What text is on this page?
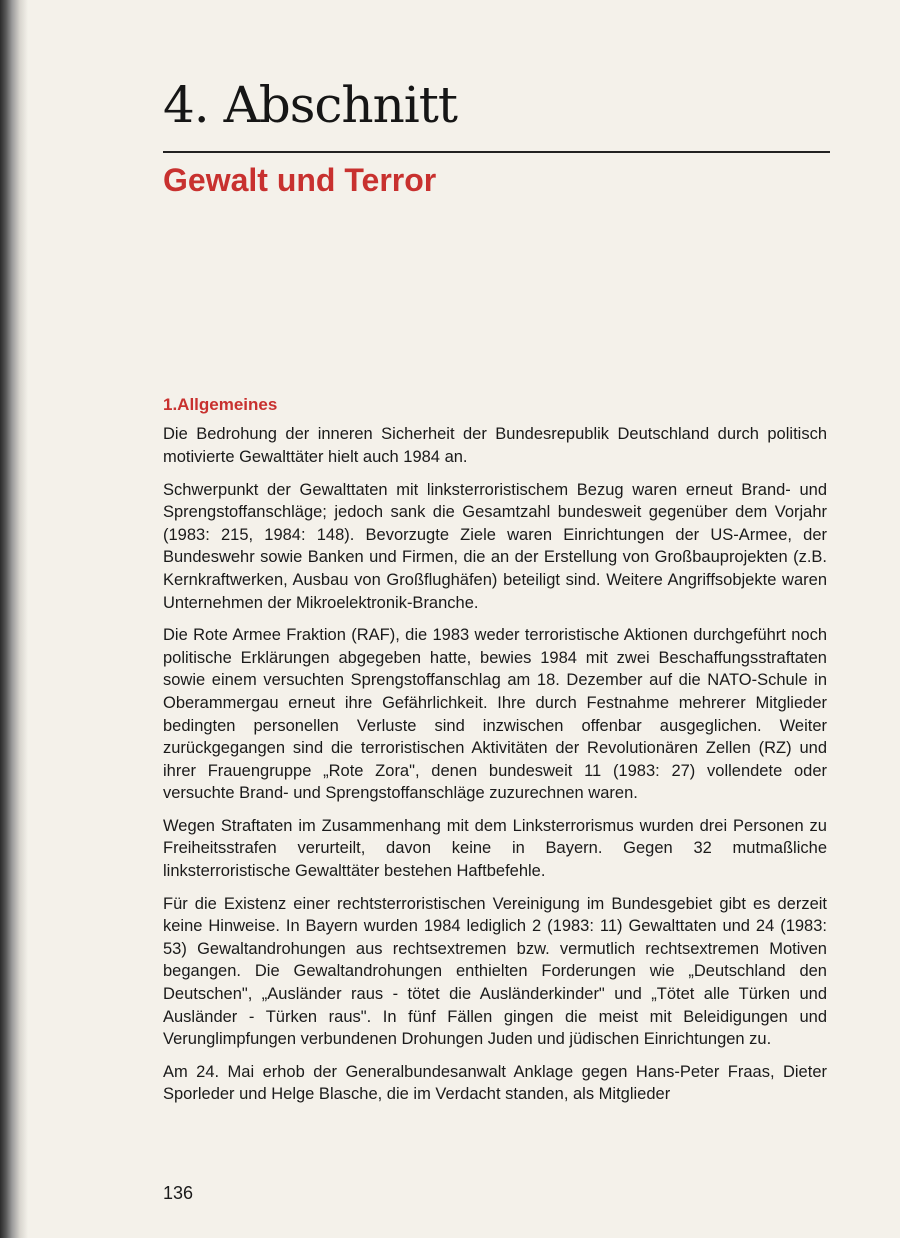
4. Abschnitt
Gewalt und Terror
1.Allgemeines

Die Bedrohung der inneren Sicherheit der Bundesrepublik Deutschland durch politisch motivierte Gewalttäter hielt auch 1984 an.

Schwerpunkt der Gewalttaten mit linksterroristischem Bezug waren erneut Brand- und Sprengstoffanschläge; jedoch sank die Gesamtzahl bundesweit gegenüber dem Vorjahr (1983: 215, 1984: 148). Bevorzugte Ziele waren Einrichtungen der US-Armee, der Bundeswehr sowie Banken und Firmen, die an der Erstellung von Großbauprojekten (z.B. Kernkraftwerken, Ausbau von Großflughäfen) beteiligt sind. Weitere Angriffsobjekte waren Unternehmen der Mikroelektronik-Branche.

Die Rote Armee Fraktion (RAF), die 1983 weder terroristische Aktionen durchgeführt noch politische Erklärungen abgegeben hatte, bewies 1984 mit zwei Beschaffungsstraftaten sowie einem versuchten Sprengstoffanschlag am 18. Dezember auf die NATO-Schule in Oberammergau erneut ihre Gefährlichkeit. Ihre durch Festnahme mehrerer Mitglieder bedingten personellen Verluste sind inzwischen offenbar ausgeglichen. Weiter zurückgegangen sind die terroristischen Aktivitäten der Revolutionären Zellen (RZ) und ihrer Frauengruppe „Rote Zora", denen bundesweit 11 (1983: 27) vollendete oder versuchte Brand- und Sprengstoffanschläge zuzurechnen waren.

Wegen Straftaten im Zusammenhang mit dem Linksterrorismus wurden drei Personen zu Freiheitsstrafen verurteilt, davon keine in Bayern. Gegen 32 mutmaßliche linksterroristische Gewalttäter bestehen Haftbefehle.

Für die Existenz einer rechtsterroristischen Vereinigung im Bundesgebiet gibt es derzeit keine Hinweise. In Bayern wurden 1984 lediglich 2 (1983: 11) Gewalttaten und 24 (1983: 53) Gewaltandrohungen aus rechtsextremen bzw. vermutlich rechtsextremen Motiven begangen. Die Gewaltandrohungen enthielten Forderungen wie „Deutschland den Deutschen", „Ausländer raus - tötet die Ausländerkinder" und „Tötet alle Türken und Ausländer - Türken raus". In fünf Fällen gingen die meist mit Beleidigungen und Verunglimpfungen verbundenen Drohungen Juden und jüdischen Einrichtungen zu.

Am 24. Mai erhob der Generalbundesanwalt Anklage gegen Hans-Peter Fraas, Dieter Sporleder und Helge Blasche, die im Verdacht standen, als Mitglieder

136
